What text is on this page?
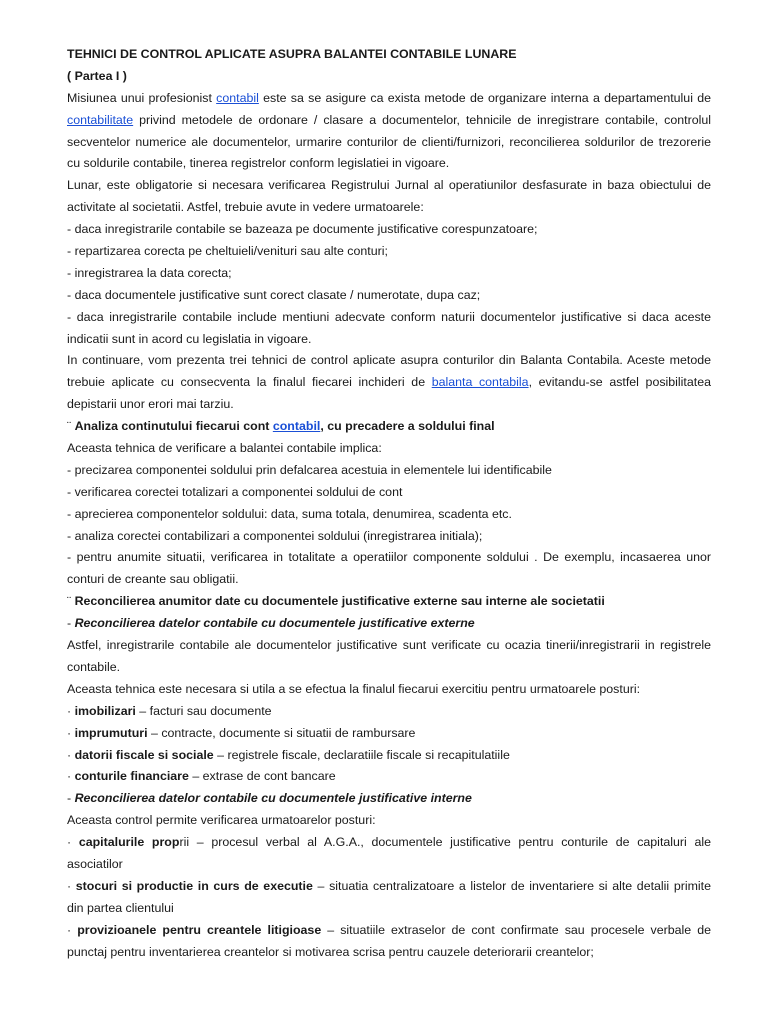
TEHNICI DE CONTROL APLICATE ASUPRA BALANTEI CONTABILE LUNARE
( Partea I )
Misiunea unui profesionist contabil este sa se asigure ca exista metode de organizare interna a departamentului de
contabilitate privind metodele de ordonare / clasare a documentelor, tehnicile de inregistrare contabile, controlul
secventelor numerice ale documentelor, urmarire conturilor de clienti/furnizori, reconcilierea soldurilor de trezorerie
cu soldurile contabile, tinerea registrelor conform legislatiei in vigoare.
Lunar, este obligatorie si necesara verificarea Registrului Jurnal al operatiunilor desfasurate in baza obiectului de
activitate al societatii. Astfel, trebuie avute in vedere urmatoarele:
- daca inregistrarile contabile se bazeaza pe documente justificative corespunzatoare;
- repartizarea corecta pe cheltuieli/venituri sau alte conturi;
- inregistrarea la data corecta;
- daca documentele justificative sunt corect clasate / numerotate, dupa caz;
- daca inregistrarile contabile include mentiuni adecvate conform naturii documentelor justificative si daca aceste
indicatii sunt in acord cu legislatia in vigoare.
In continuare, vom prezenta trei tehnici de control aplicate asupra conturilor din Balanta Contabila. Aceste metode
trebuie aplicate cu consecventa la finalul fiecarei inchideri de balanta contabila, evitandu-se astfel posibilitatea
depistarii unor erori mai tarziu.
¨ Analiza continutului fiecarui cont contabil, cu precadere a soldului final
Aceasta tehnica de verificare a balantei contabile implica:
- precizarea componentei soldului prin defalcarea acestuia in elementele lui identificabile
- verificarea corectei totalizari a componentei soldului de cont
- aprecierea componentelor soldului: data, suma totala, denumirea, scadenta etc.
- analiza corectei contabilizari a componentei soldului (inregistrarea initiala);
- pentru anumite situatii, verificarea in totalitate a operatiilor componente soldului . De exemplu, incasaerea unor
conturi de creante sau obligatii.
¨ Reconcilierea anumitor date cu documentele justificative externe sau interne ale societatii
- Reconcilierea datelor contabile cu documentele justificative externe
Astfel, inregistrarile contabile ale documentelor justificative sunt verificate cu ocazia tinerii/inregistrarii in registrele
contabile.
Aceasta tehnica este necesara si utila a se efectua la finalul fiecarui exercitiu pentru urmatoarele posturi:
· imobilizari – facturi sau documente
· imprumuturi – contracte, documente si situatii de rambursare
· datorii fiscale si sociale – registrele fiscale, declaratiile fiscale si recapitulatiile
· conturile financiare – extrase de cont bancare
- Reconcilierea datelor contabile cu documentele justificative interne
Aceasta control permite verificarea urmatoarelor posturi:
· capitalurile proprii – procesul verbal al A.G.A., documentele justificative pentru conturile de capitaluri ale
asociatilor
· stocuri si productie in curs de executie – situatia centralizatoare a listelor de inventariere si alte detalii primite
din partea clientului
· provizioanele pentru creantele litigioase – situatiile extraselor de cont confirmate sau procesele verbale de
punctaj pentru inventarierea creantelor si motivarea scrisa pentru cauzele deteriorarii creantelor;
